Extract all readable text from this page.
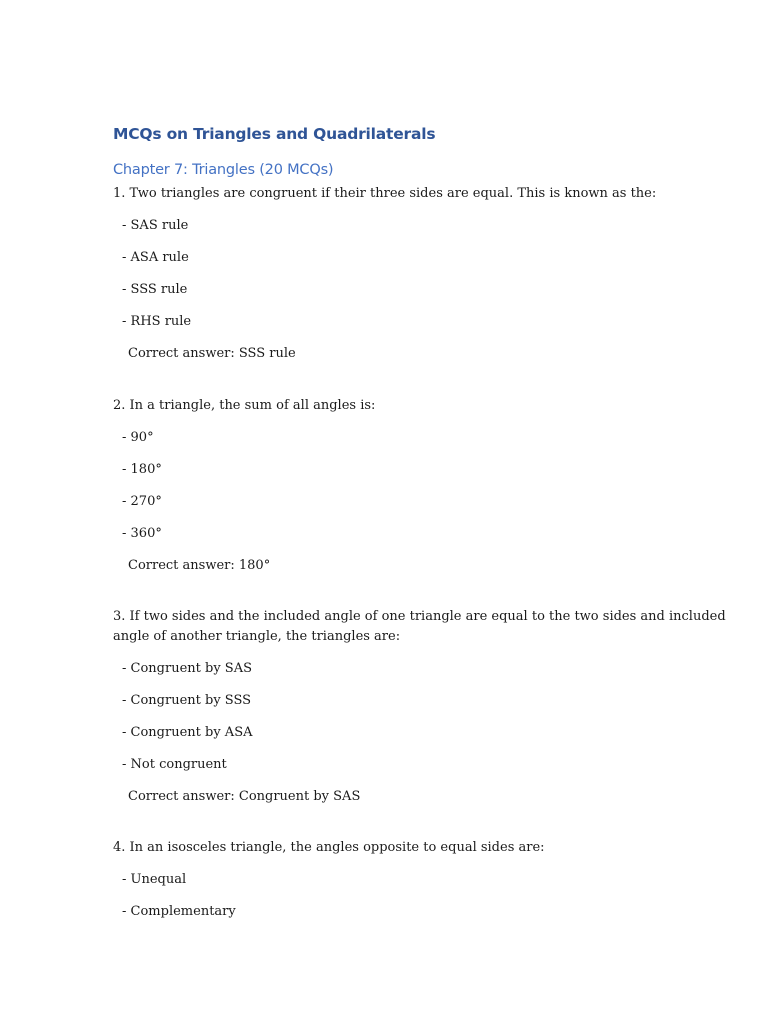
MCQs on Triangles and Quadrilaterals
Chapter 7: Triangles (20 MCQs)

1. Two triangles are congruent if their three sides are equal. This is known as the:

- SAS rule

- ASA rule

- SSS rule

- RHS rule

Correct answer: SSS rule

2. In a triangle, the sum of all angles is:

- 90°

- 180°

- 270°

- 360°

Correct answer: 180°

3. If two sides and the included angle of one triangle are equal to the two sides and included

angle of another triangle, the triangles are:

- Congruent by SAS

- Congruent by SSS

- Congruent by ASA

- Not congruent

Correct answer: Congruent by SAS

4. In an isosceles triangle, the angles opposite to equal sides are:

- Unequal

- Complementary
